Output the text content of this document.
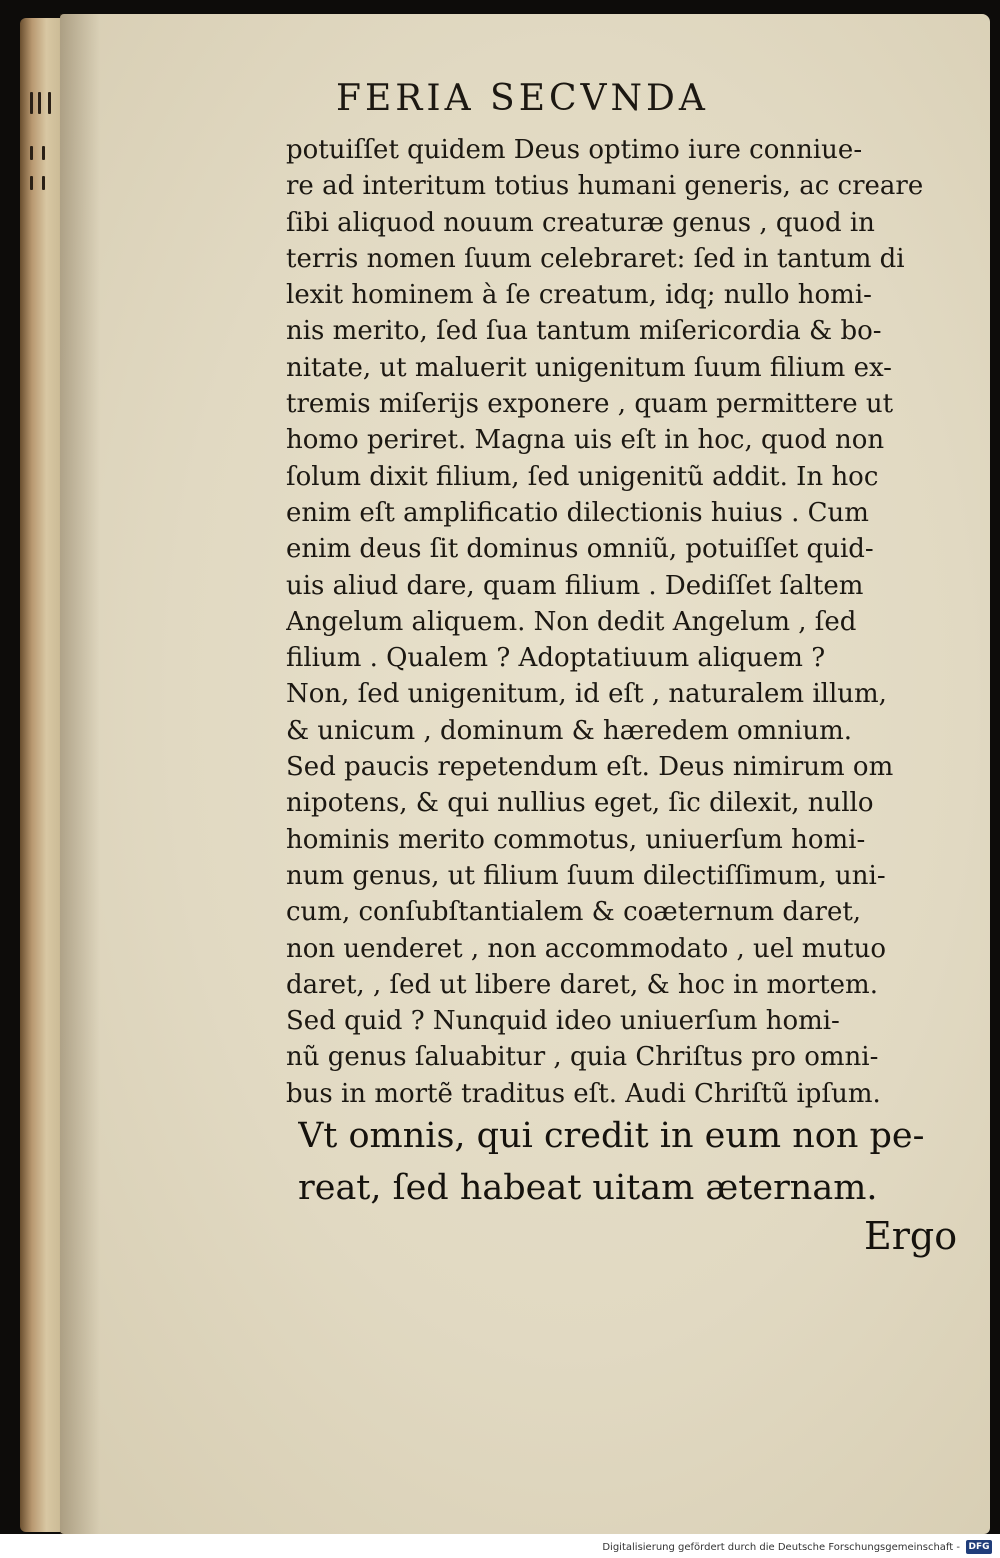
FERIA SECVNDA
potuiſſet quidem Deus optimo iure conniue-
re ad interitum totius humani generis, ac creare
ſibi aliquod nouum creaturæ genus , quod in
terris nomen ſuum celebraret: ſed in tantum di
lexit hominem à ſe creatum, idq; nullo homi-
nis merito, ſed ſua tantum miſericordia & bo-
nitate, ut maluerit unigenitum ſuum filium ex-
tremis miſerijs exponere , quam permittere ut
homo periret. Magna uis eſt in hoc, quod non
ſolum dixit filium, ſed unigenitũ addit. In hoc
enim eſt amplificatio dilectionis huius . Cum
enim deus ſit dominus omniũ, potuiſſet quid-
uis aliud dare, quam filium . Dediſſet ſaltem
Angelum aliquem. Non dedit Angelum , ſed
filium . Qualem ? Adoptatiuum aliquem ?
Non, ſed unigenitum, id eſt , naturalem illum,
& unicum , dominum & hæredem omnium.
Sed paucis repetendum eſt. Deus nimirum om
nipotens, & qui nullius eget, ſic dilexit, nullo
hominis merito commotus, uniuerſum homi-
num genus, ut filium ſuum dilectiſſimum, uni-
cum, conſubſtantialem & coæternum daret,
non uenderet , non accommodato , uel mutuo
daret, , ſed ut libere daret, & hoc in mortem.
Sed quid ? Nunquid ideo uniuerſum homi-
nũ genus ſaluabitur , quia Chriſtus pro omni-
bus in mortẽ traditus eſt. Audi Chriſtũ ipſum.
Vt omnis, qui credit in eum non pe-
reat, ſed habeat uitam æternam.
Ergo
Digitalisierung gefördert durch die Deutsche Forschungsgemeinschaft - DFG
